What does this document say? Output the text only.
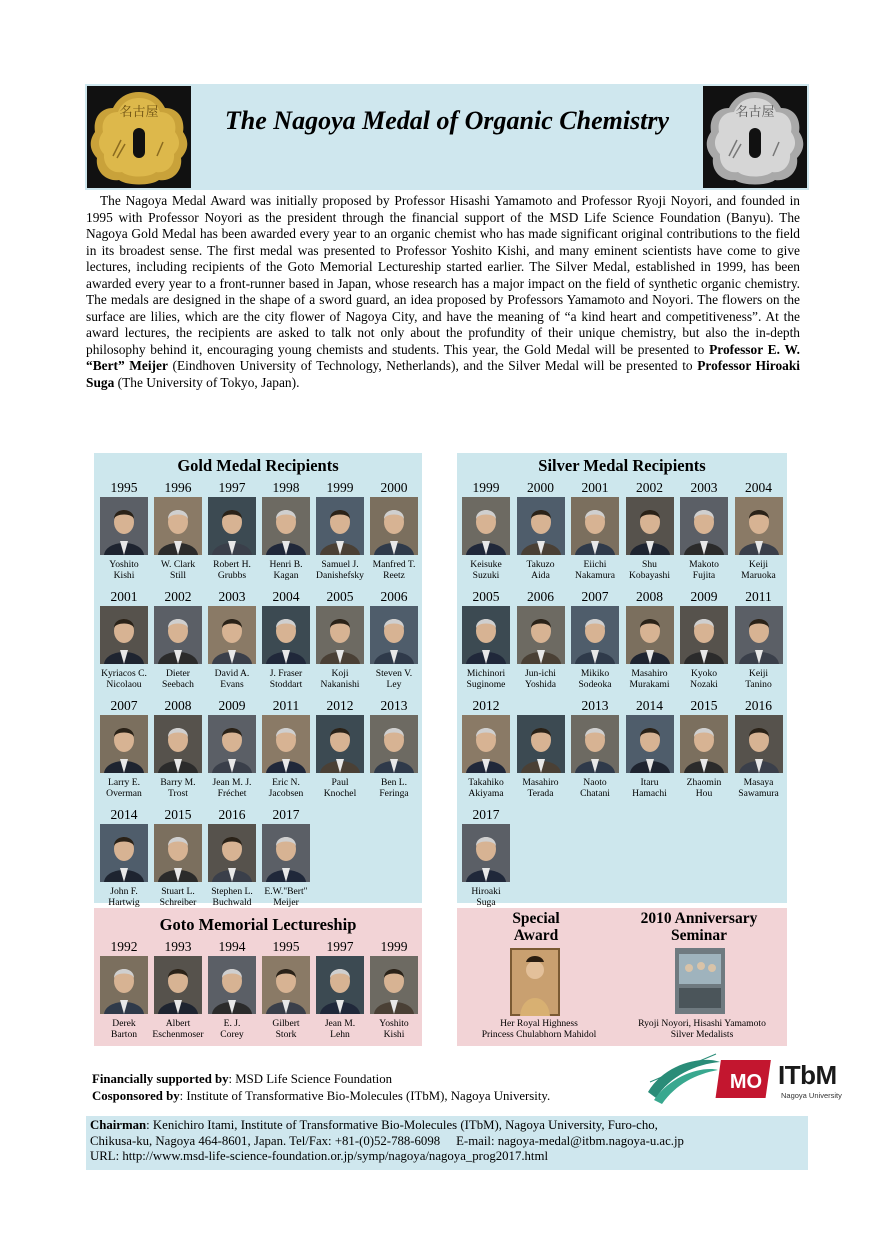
名古屋	The Nagoya Medal of Organic Chemistry	名古屋
The Nagoya Medal Award was initially proposed by Professor Hisashi Yamamoto and Professor Ryoji Noyori, and founded in 1995 with Professor Noyori as the president through the financial support of the MSD Life Science Foundation (Banyu). The Nagoya Gold Medal has been awarded every year to an organic chemist who has made significant original contributions to the field in its broadest sense. The first medal was presented to Professor Yoshito Kishi, and many eminent scientists have come to give lectures, including recipients of the Goto Memorial Lectureship started earlier. The Silver Medal, established in 1999, has been awarded every year to a front-runner based in Japan, whose research has a major impact on the field of synthetic organic chemistry. The medals are designed in the shape of a sword guard, an idea proposed by Professors Yamamoto and Noyori. The flowers on the surface are lilies, which are the city flower of Nagoya City, and have the meaning of “a kind heart and competitiveness”. At the award lectures, the recipients are asked to talk not only about the profundity of their unique chemistry, but also the in-depth philosophy behind it, encouraging young chemists and students. This year, the Gold Medal will be presented to Professor E. W. “Bert” Meijer (Eindhoven University of Technology, Netherlands), and the Silver Medal will be presented to Professor Hiroaki Suga (The University of Tokyo, Japan).
Gold Medal Recipients
1995
Yoshito
Kishi
1996
W. Clark
Still
1997
Robert H.
Grubbs
1998
Henri B.
Kagan
1999
Samuel J.
Danishefsky
2000
Manfred T.
Reetz
2001
Kyriacos C.
Nicolaou
2002
Dieter
Seebach
2003
David A.
Evans
2004
J. Fraser
Stoddart
2005
Koji
Nakanishi
2006
Steven V.
Ley
2007
Larry E.
Overman
2008
Barry M.
Trost
2009
Jean M. J.
Fréchet
2011
Eric N.
Jacobsen
2012
Paul
Knochel
2013
Ben L.
Feringa
2014
John F.
Hartwig
2015
Stuart L.
Schreiber
2016
Stephen L.
Buchwald
2017
E.W."Bert"
Meijer
Silver Medal Recipients
1999
Keisuke
Suzuki
2000
Takuzo
Aida
2001
Eiichi
Nakamura
2002
Shu
Kobayashi
2003
Makoto
Fujita
2004
Keiji
Maruoka
2005
Michinori
Suginome
2006
Jun-ichi
Yoshida
2007
Mikiko
Sodeoka
2008
Masahiro
Murakami
2009
Kyoko
Nozaki
2011
Keiji
Tanino
2012
Takahiko
Akiyama
Masahiro
Terada
2013
Naoto
Chatani
2014
Itaru
Hamachi
2015
Zhaomin
Hou
2016
Masaya
Sawamura
2017
Hiroaki
Suga
Goto Memorial Lectureship
1992
Derek
Barton
1993
Albert
Eschenmoser
1994
E. J.
Corey
1995
Gilbert
Stork
1997
Jean M.
Lehn
1999
Yoshito
Kishi
Special
Award
2010 Anniversary
Seminar
Her Royal Highness
Princess Chulabhorn Mahidol
Ryoji Noyori, Hisashi Yamamoto
Silver Medalists
Financially supported by: MSD Life Science Foundation
Cosponsored by: Institute of Transformative Bio-Molecules (ITbM), Nagoya University.
MO ITbM
Nagoya University
Chairman: Kenichiro Itami, Institute of Transformative Bio-Molecules (ITbM), Nagoya University, Furo-cho,
Chikusa-ku, Nagoya 464-8601, Japan. Tel/Fax: +81-(0)52-788-6098     E-mail: nagoya-medal@itbm.nagoya-u.ac.jp
URL: http://www.msd-life-science-foundation.or.jp/symp/nagoya/nagoya_prog2017.html
